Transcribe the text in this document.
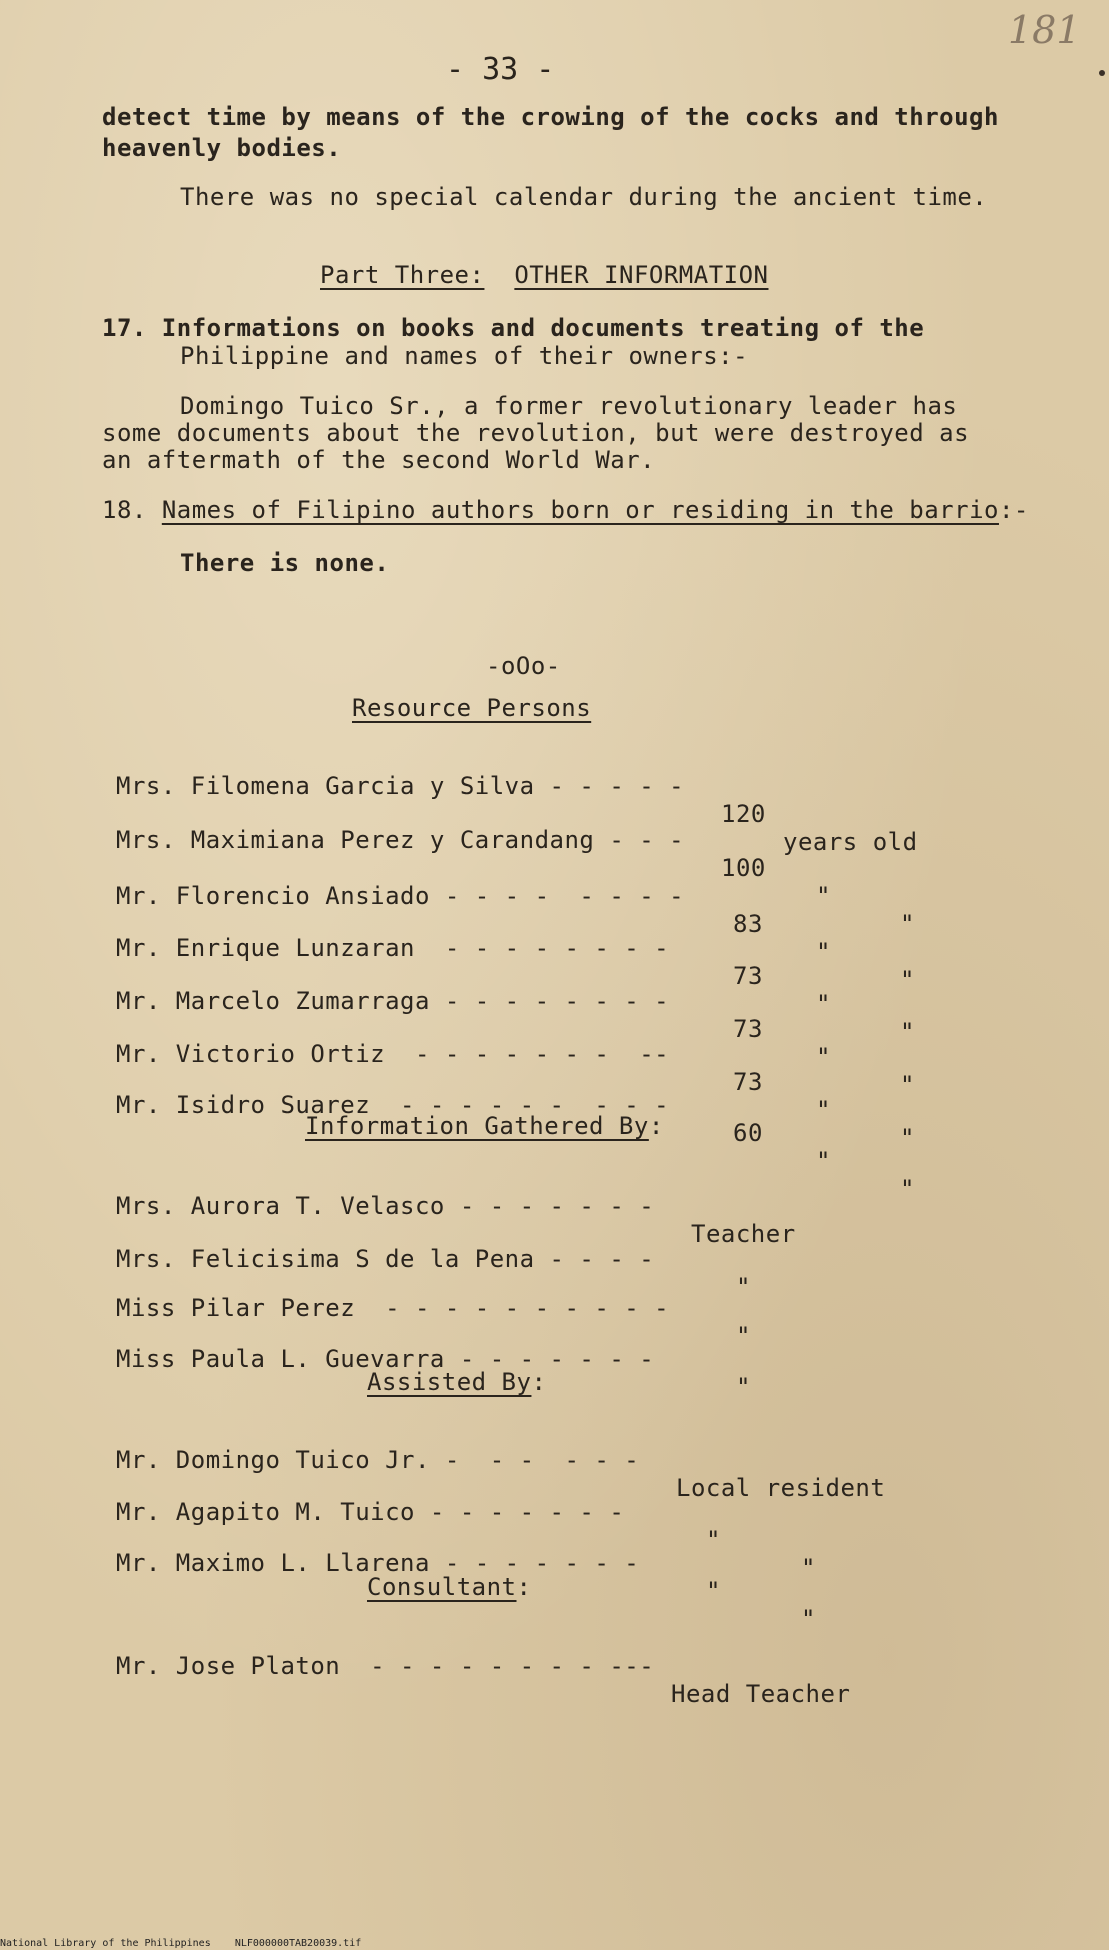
181
- 33 -
detect time by means of the crowing of the cocks and through
heavenly bodies.
There was no special calendar during the ancient time.
Part Three: OTHER INFORMATION
17. Informations on books and documents treating of the
Philippine and names of their owners:-
Domingo Tuico Sr., a former revolutionary leader has
some documents about the revolution, but were destroyed as
an aftermath of the second World War.
18. Names of Filipino authors born or residing in the barrio:-
There is none.
-oOo-
Resource Persons

Mrs. Filomena Garcia y Silva - - - - -

120

years old

Mrs. Maximiana Perez y Carandang - - -

100

"

"

Mr. Florencio Ansiado - - - -  - - - -

83

"

"

Mr. Enrique Lunzaran  - - - - - - - -

73

"

"

Mr. Marcelo Zumarraga - - - - - - - -

73

"

"

Mr. Victorio Ortiz  - - - - - - -  --

73

"

"

Mr. Isidro Suarez  - - - - - -  - - -

60

"

"

Information Gathered By:

Mrs. Aurora T. Velasco - - - - - - -

Teacher

Mrs. Felicisima S de la Pena - - - -

"

Miss Pilar Perez  - - - - - - - - - -

"

Miss Paula L. Guevarra - - - - - - -

"

Assisted By:

Mr. Domingo Tuico Jr. -  - -  - - -

Local resident

Mr. Agapito M. Tuico - - - - - - -

"

"

Mr. Maximo L. Llarena - - - - - - -

"

"

Consultant:

Mr. Jose Platon  - - - - - - - - ---

Head Teacher

National Library of the Philippines NLF000000TAB20039.tif
